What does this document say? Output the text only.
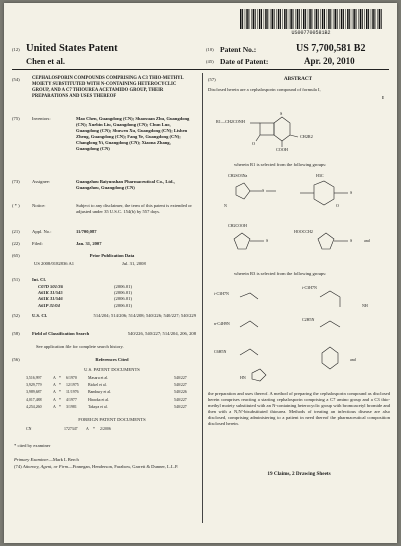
US007700581B2
(12) United States Patent
Chen et al.
(10) Patent No.:	US 7,700,581 B2
(45) Date of Patent:	Apr. 20, 2010
(54)	CEPHALOSPORIN COMPOUNDS COMPRISING A C3 THIO-METHYL MOIETY SUBSTITUTED WITH N-CONTAINING HETEROCYCLIC GROUP, AND A C7 THIOUREA ACETAMIDO GROUP, THEIR PREPARATIONS AND USES THEREOF
(75)	Inventors:	Mao Chen, Guangdong (CN); Shaoxuan Zhu, Guangdong (CN); Xuebin Liu, Guangdong (CN); Chun Luo, Guangdong (CN); Shuwen Xu, Guangdong (CN); Lishen Zheng, Guangdong (CN); Fang Ye, Guangdong (CN); Changlong Yi, Guangdong (CN); Xiaona Zhang, Guangdong (CN)
(73)	Assignee:	Guangzhou Baiyunshan Pharmaceutical Co., Ltd., Guangzhou, Guangdong (CN)
( * )	Notice:	Subject to any disclaimer, the term of this patent is extended or adjusted under 35 U.S.C. 154(b) by 557 days.
(21)	Appl. No.:	11/700,087
(22)	Filed:	Jan. 31, 2007
(65)	Prior Publication Data
US 2008/0182836 A1	Jul. 31, 2008
(51)	Int. Cl.
C07D 501/36	(2006.01)
A61K 31/545	(2006.01)
A61K 31/546	(2006.01)
A61P 31/04	(2006.01)
(52)	U.S. Cl.	514/204; 514/206; 514/208; 540/226; 540/227; 540/229
(58)	Field of Classification Search	540/226, 540/227; 514/204, 206, 208
See application file for complete search history.
(56)	References Cited
U.S. PATENT DOCUMENTS
3,516,997	A * 6/1970	Masaru et al.	540/227
3,929,779	A * 12/1975 Bickel et al.	540/227
3,989,687	A * 11/1976 Bambury et al.	540/226
4,017,488	A * 4/1977	Hiraoka et al.	540/227
4,254,260	A * 3/1981	Takaya et al.	540/227
FOREIGN PATENT DOCUMENTS
CN	1727347 A * 2/2006
* cited by examiner
Primary Examiner—Mark L Berch
(74) Attorney, Agent, or Firm—Finnegan, Henderson, Farabow, Garrett & Dunner, L.L.P.
(57)	ABSTRACT
Disclosed herein are a cephalosporin compound of formula I,
I
R1—CH2CONH
S
CH2R2
COOH
O
wherein R1 is selected from the following groups:
CH2SO3Na
S
H3C
S
N	O
CH2COOH
S
HOOCCH2
S	and
wherein R3 is selected from the following groups:
i-C3H7N
i-C3H7N
n-C4H9N
C2H5N
C6H5N
and
HN
NH
the preparation and uses thereof. A method of preparing the cephalosporin compound as disclosed herein comprises reacting a starting cephalosporin comprising a C7 amino group and a C3 thio-methyl moiety substituted with an N-containing heterocyclic group with bromoacetyl bromide and then with a N,N'-bisubstituted thiourea. Methods of treating an infectious disease are also disclosed, comprising administering to a patient in need thereof the pharmaceutical composition disclosed herein.
19 Claims, 2 Drawing Sheets
